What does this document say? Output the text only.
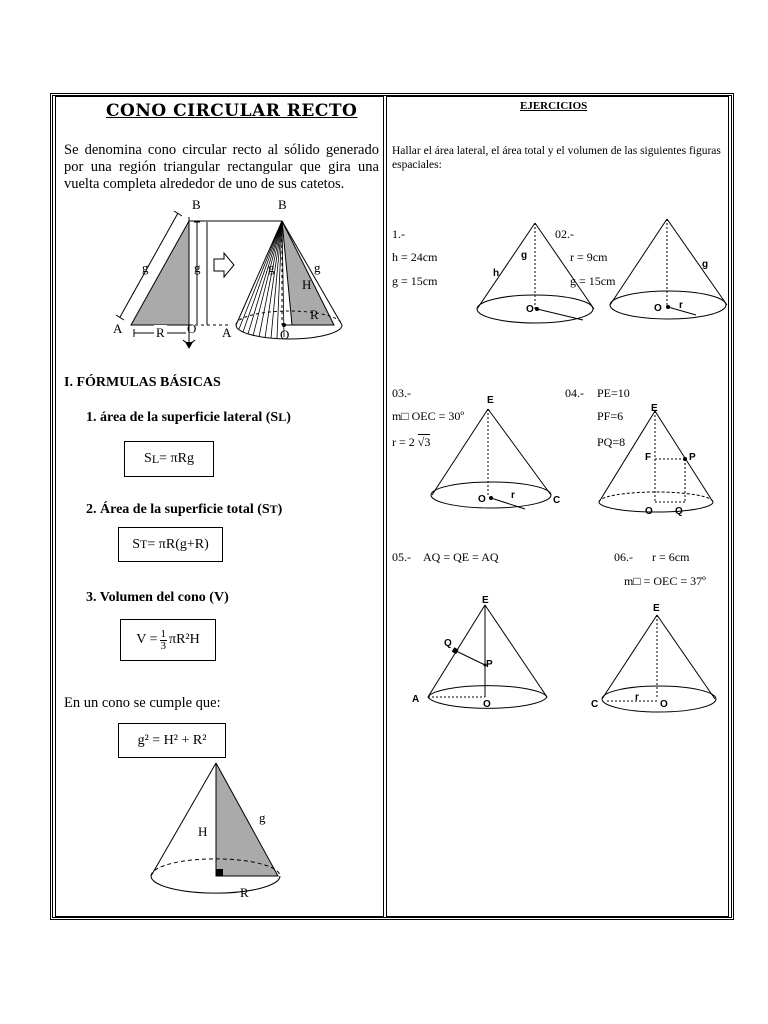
CONO CIRCULAR RECTO
Se denomina cono circular recto al sólido generado por una región triangular rectangular que gira una vuelta completa alrededor de uno de sus catetos.
B	B
g	g	g	g
H
R
A	R O A	O
I. FÓRMULAS BÁSICAS
1. área de la superficie lateral (SL)
S L = πRg
2. Área de la superficie total (ST)
S T = πR(g+R)
3. Volumen del cono (V)
$V = \frac{1}{3} \pi R^2H$
En un cono se cumple que:
g² = H² + R²
H
g
R
EJERCICIOS
Hallar el área lateral, el área total y el volumen de las siguientes figuras espaciales:
1.-
h = 24cm
g = 15cm
g
h
O
02.-
r = 9cm
g = 15cm
g
O r
03.-
m□ OEC = 30º
r = 2 √3
E
O	r	C
04.- PE=10
PF=6
PQ=8
E
F	P
O Q
05.- AQ = QE = AQ
E
Q
P
A	O
06.- r = 6cm
m□ = OEC = 37º
E
C
r
O
